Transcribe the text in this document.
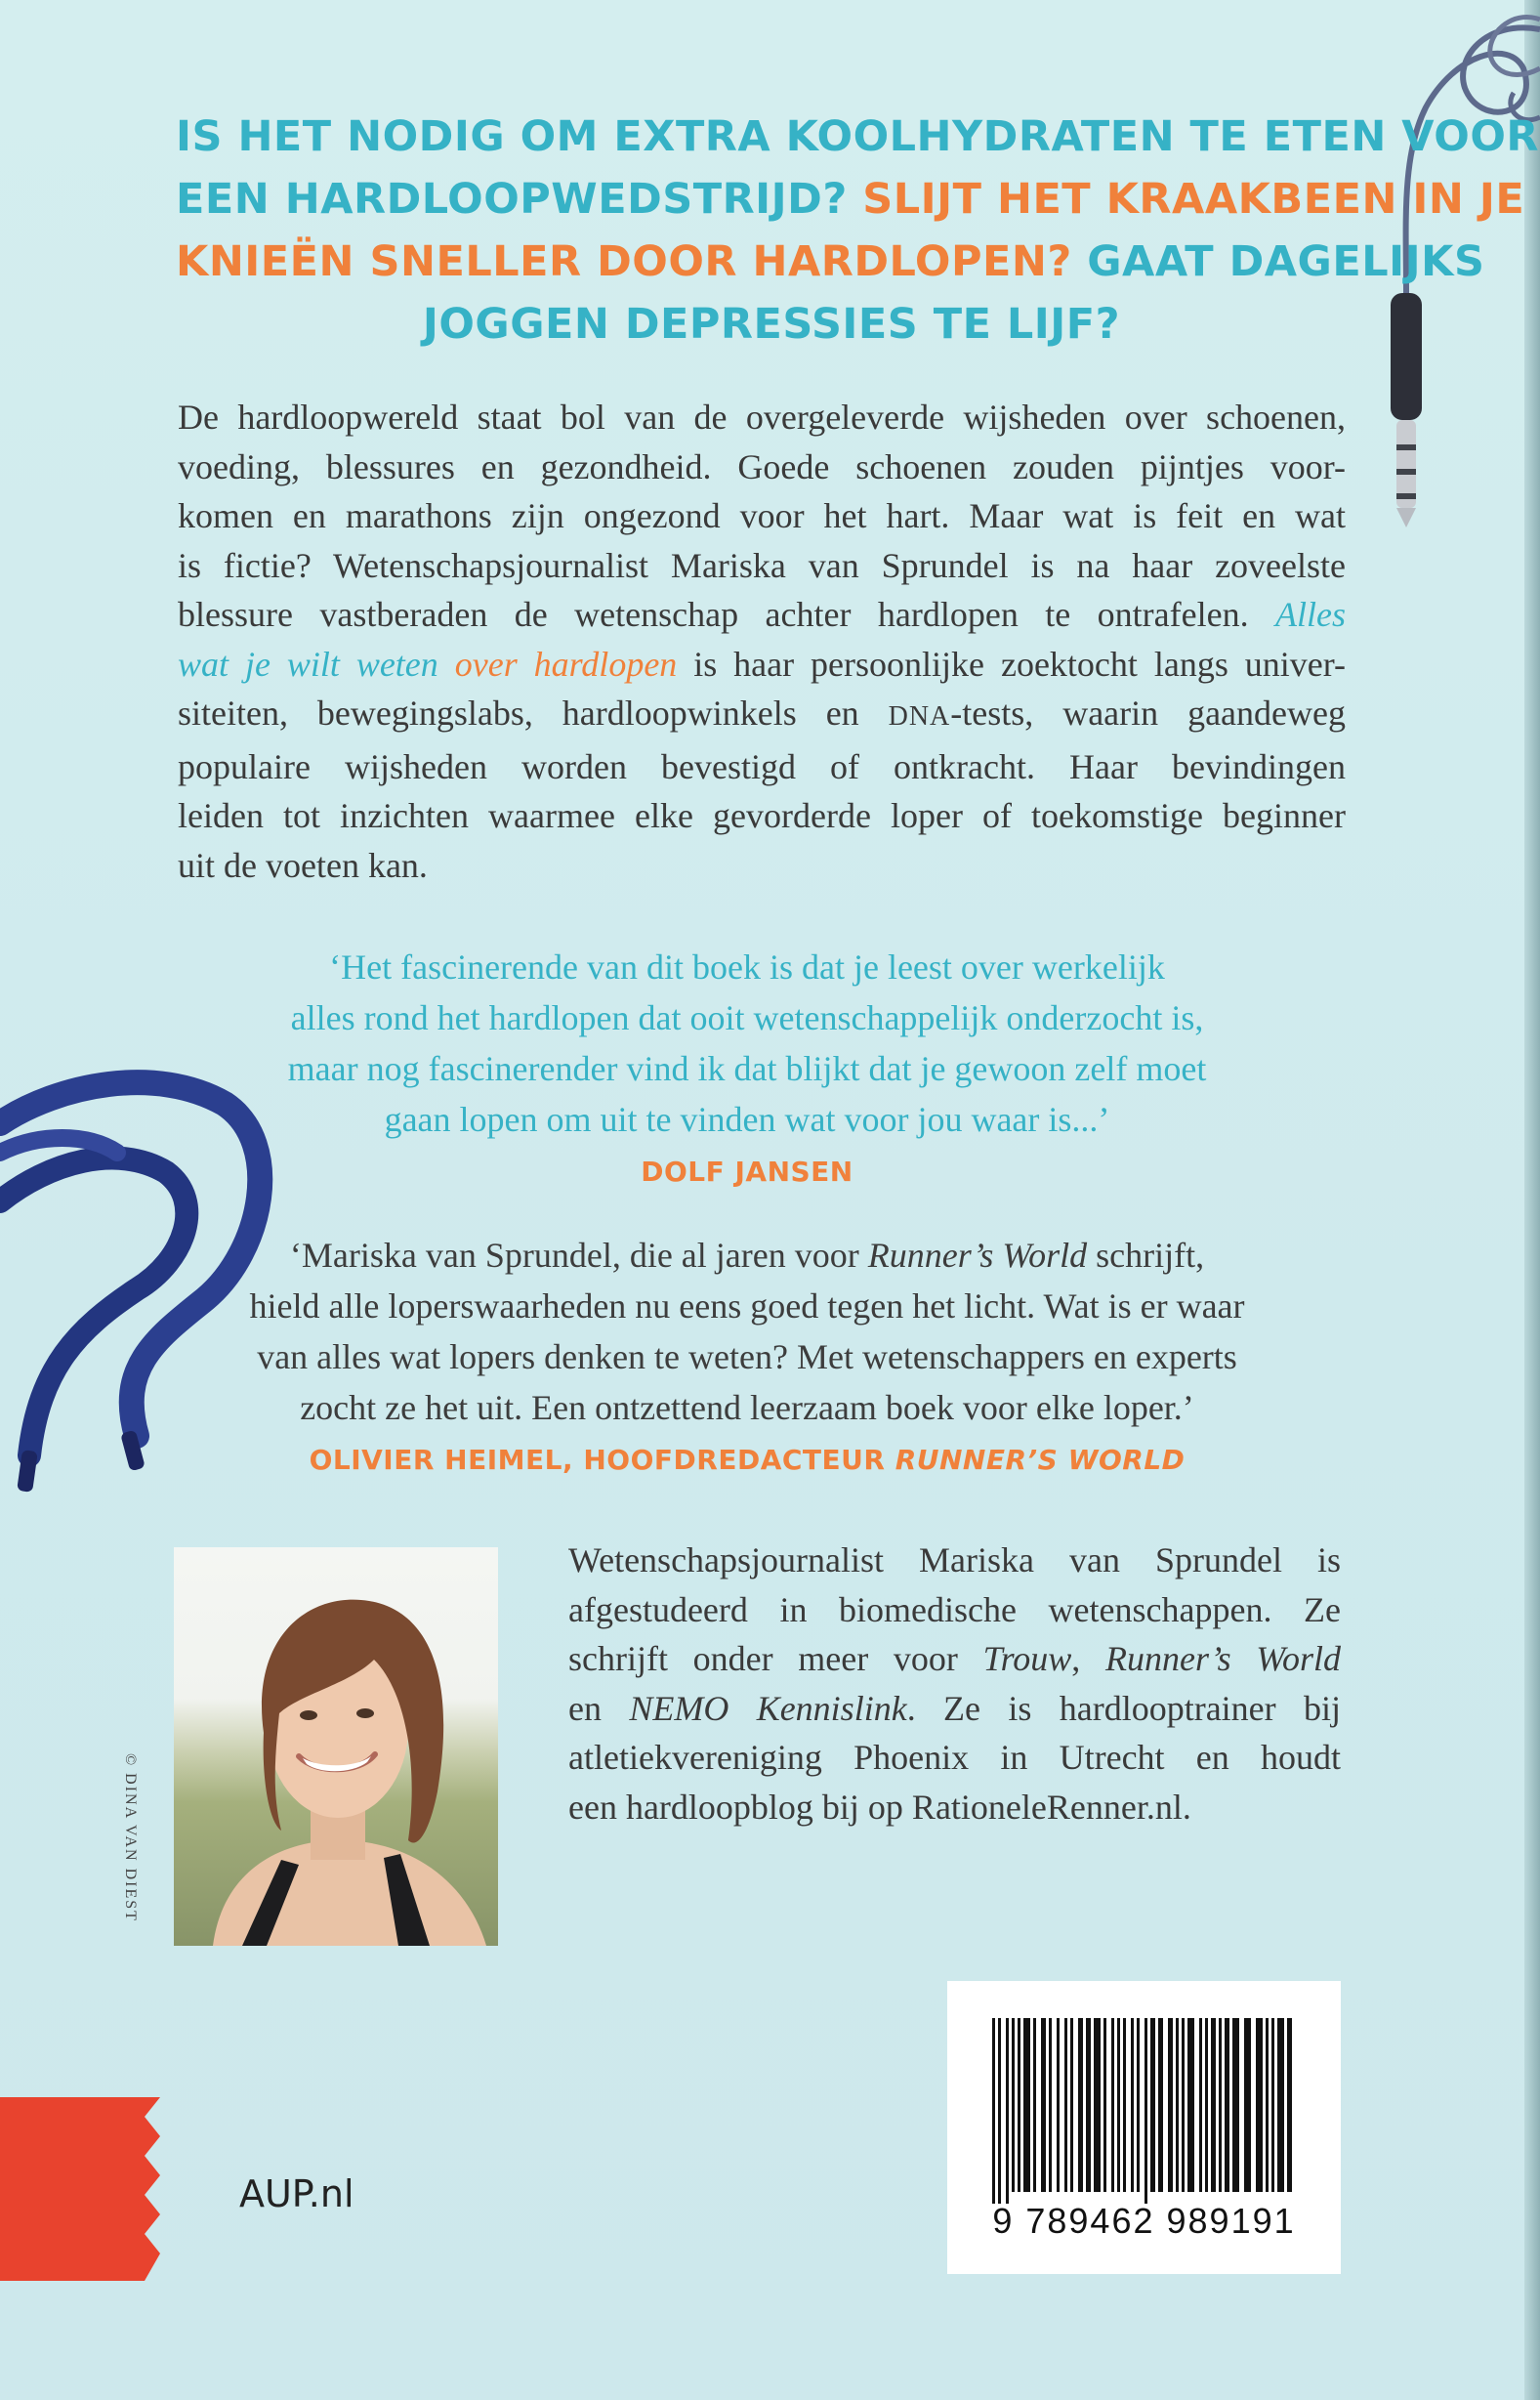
IS HET NODIG OM EXTRA KOOLHYDRATEN TE ETEN VOOR
EEN HARDLOOPWEDSTRIJD? SLIJT HET KRAAKBEEN IN JE
KNIEËN SNELLER DOOR HARDLOPEN? GAAT DAGELIJKS
JOGGEN DEPRESSIES TE LIJF?
De hardloopwereld staat bol van de overgeleverde wijsheden over schoenen,
voeding, blessures en gezondheid. Goede schoenen zouden pijntjes voor-
komen en marathons zijn ongezond voor het hart. Maar wat is feit en wat
is fictie? Wetenschapsjournalist Mariska van Sprundel is na haar zoveelste
blessure vastberaden de wetenschap achter hardlopen te ontrafelen. Alles
wat je wilt weten over hardlopen is haar persoonlijke zoektocht langs univer-
siteiten, bewegingslabs, hardloopwinkels en DNA-tests, waarin gaandeweg
populaire wijsheden worden bevestigd of ontkracht. Haar bevindingen
leiden tot inzichten waarmee elke gevorderde loper of toekomstige beginner
uit de voeten kan.
‘Het fascinerende van dit boek is dat je leest over werkelijk
alles rond het hardlopen dat ooit wetenschappelijk onderzocht is,
maar nog fascinerender vind ik dat blijkt dat je gewoon zelf moet
gaan lopen om uit te vinden wat voor jou waar is...’
DOLF JANSEN
‘Mariska van Sprundel, die al jaren voor Runner’s World schrijft,
hield alle loperswaarheden nu eens goed tegen het licht. Wat is er waar
van alles wat lopers denken te weten? Met wetenschappers en experts
zocht ze het uit. Een ontzettend leerzaam boek voor elke loper.’
OLIVIER HEIMEL, HOOFDREDACTEUR RUNNER’S WORLD
© DINA VAN DIEST
Wetenschapsjournalist Mariska van Sprundel is
afgestudeerd in biomedische wetenschappen. Ze
schrijft onder meer voor Trouw, Runner’s World
en NEMO Kennislink. Ze is hardlooptrainer bij
atletiekvereniging Phoenix in Utrecht en houdt
een hardloopblog bij op RationeleRenner.nl.
9 789462 989191
AUP.nl
